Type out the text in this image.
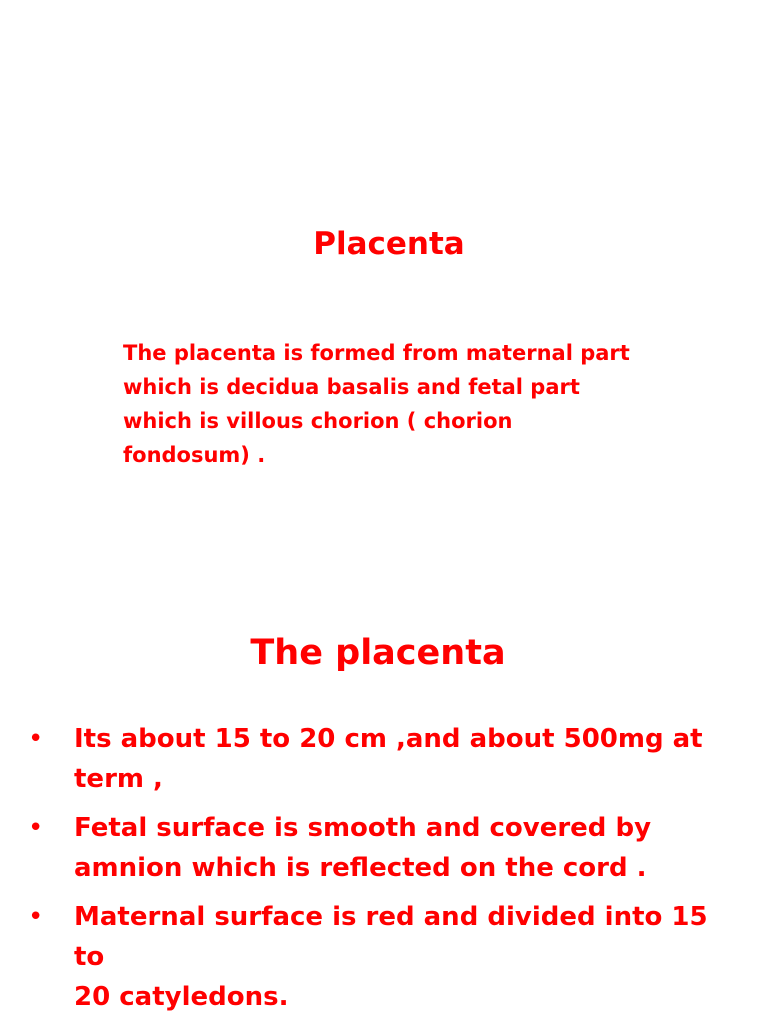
Placenta

The placenta is formed from maternal part
which is decidua basalis and fetal part
which is villous chorion ( chorion
fondosum) .

The placenta
• Its about 15 to 20 cm ,and about 500mg at
term ,
• Fetal surface is smooth and covered by
amnion which is reflected on the cord .
• Maternal surface is red and divided into 15 to
20 catyledons.
